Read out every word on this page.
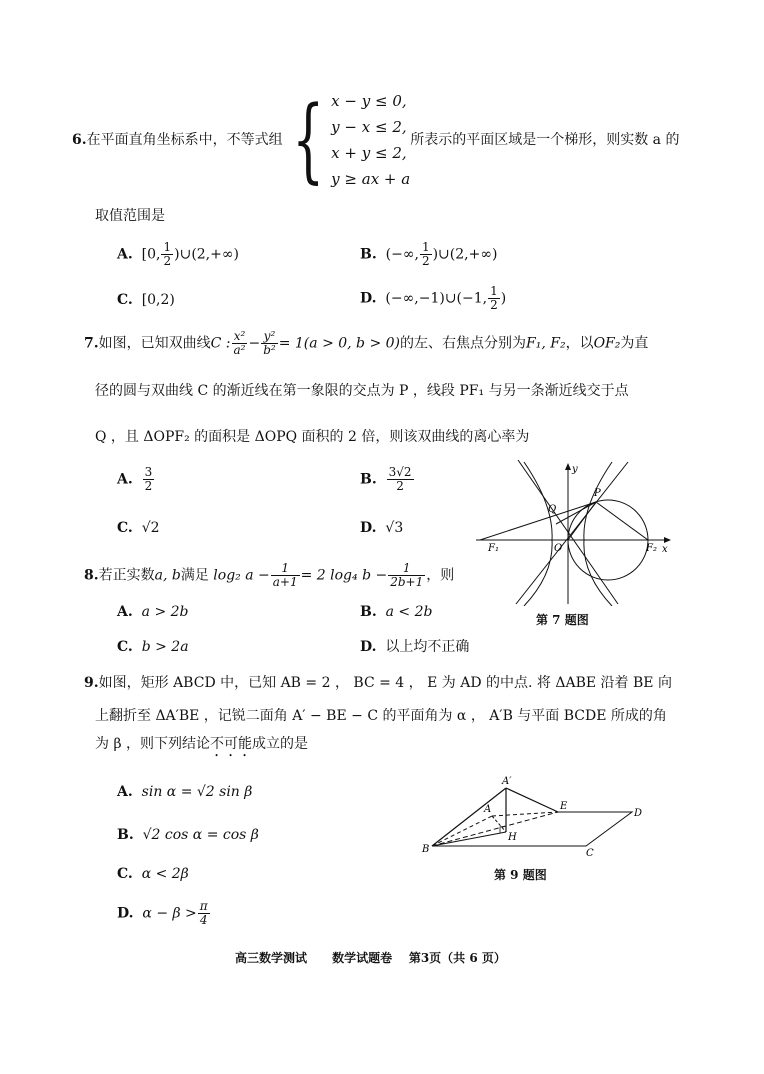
6.在平面直角坐标系中，不等式组 { x − y ≤ 0,
y − x ≤ 2,
x + y ≤ 2,
y ≥ ax + a
所表示的平面区域是一个梯形，则实数 a 的
取值范围是
A. [0, $\frac{1}{2}$ )∪(2,+∞)	B. (−∞, $\frac{1}{2}$ )∪(2,+∞)
C. [0,2)	D. (−∞,−1)∪(−1, $\frac{1}{2}$ )
7.如图，已知双曲线C : $\frac{\text{x²}}{\text{a²}} - \frac{\text{y²}}{\text{b²}} = 1(a > 0$, b > 0)的左、右焦点分别为F₁, F₂，以OF₂为直
径的圆与双曲线 C 的渐近线在第一象限的交点为 P ，线段 PF₁ 与另一条渐近线交于点
Q ，且 ΔOPF₂ 的面积是 ΔOPQ 面积的 2 倍，则该双曲线的离心率为
A. $\frac{3}{2}$	B. $\frac{3√2}{2}$
C. √2	D. √3
y
x
P
Q
O
F₁	F₂
第 7 题图
8.若正实数a, b满足 log₂ $a - \frac{1}{a+1} = 2$ log₄ $b - \frac{1}{2b+1}$ ，则
A. a > 2b	B. a < 2b
C. b > 2a	D. 以上均不正确
9.如图，矩形 ABCD 中，已知 AB = 2 ， BC = 4 ， E 为 AD 的中点. 将 ΔABE 沿着 BE 向
上翻折至 ΔA′BE ，记锐二面角 A′ − BE − C 的平面角为 α ， A′B 与平面 BCDE 所成的角
为 β ，则下列结论不可能成立的是
A. sin α = √2 sin β
B. √2 cos α = cos β
C. α < 2β
D. $\alpha - \beta > \frac{\pi}{4}$
A′
A	E
D
B
H
C
第 9 题图
高三数学测试 数学试题卷 第3页（共 6 页）
